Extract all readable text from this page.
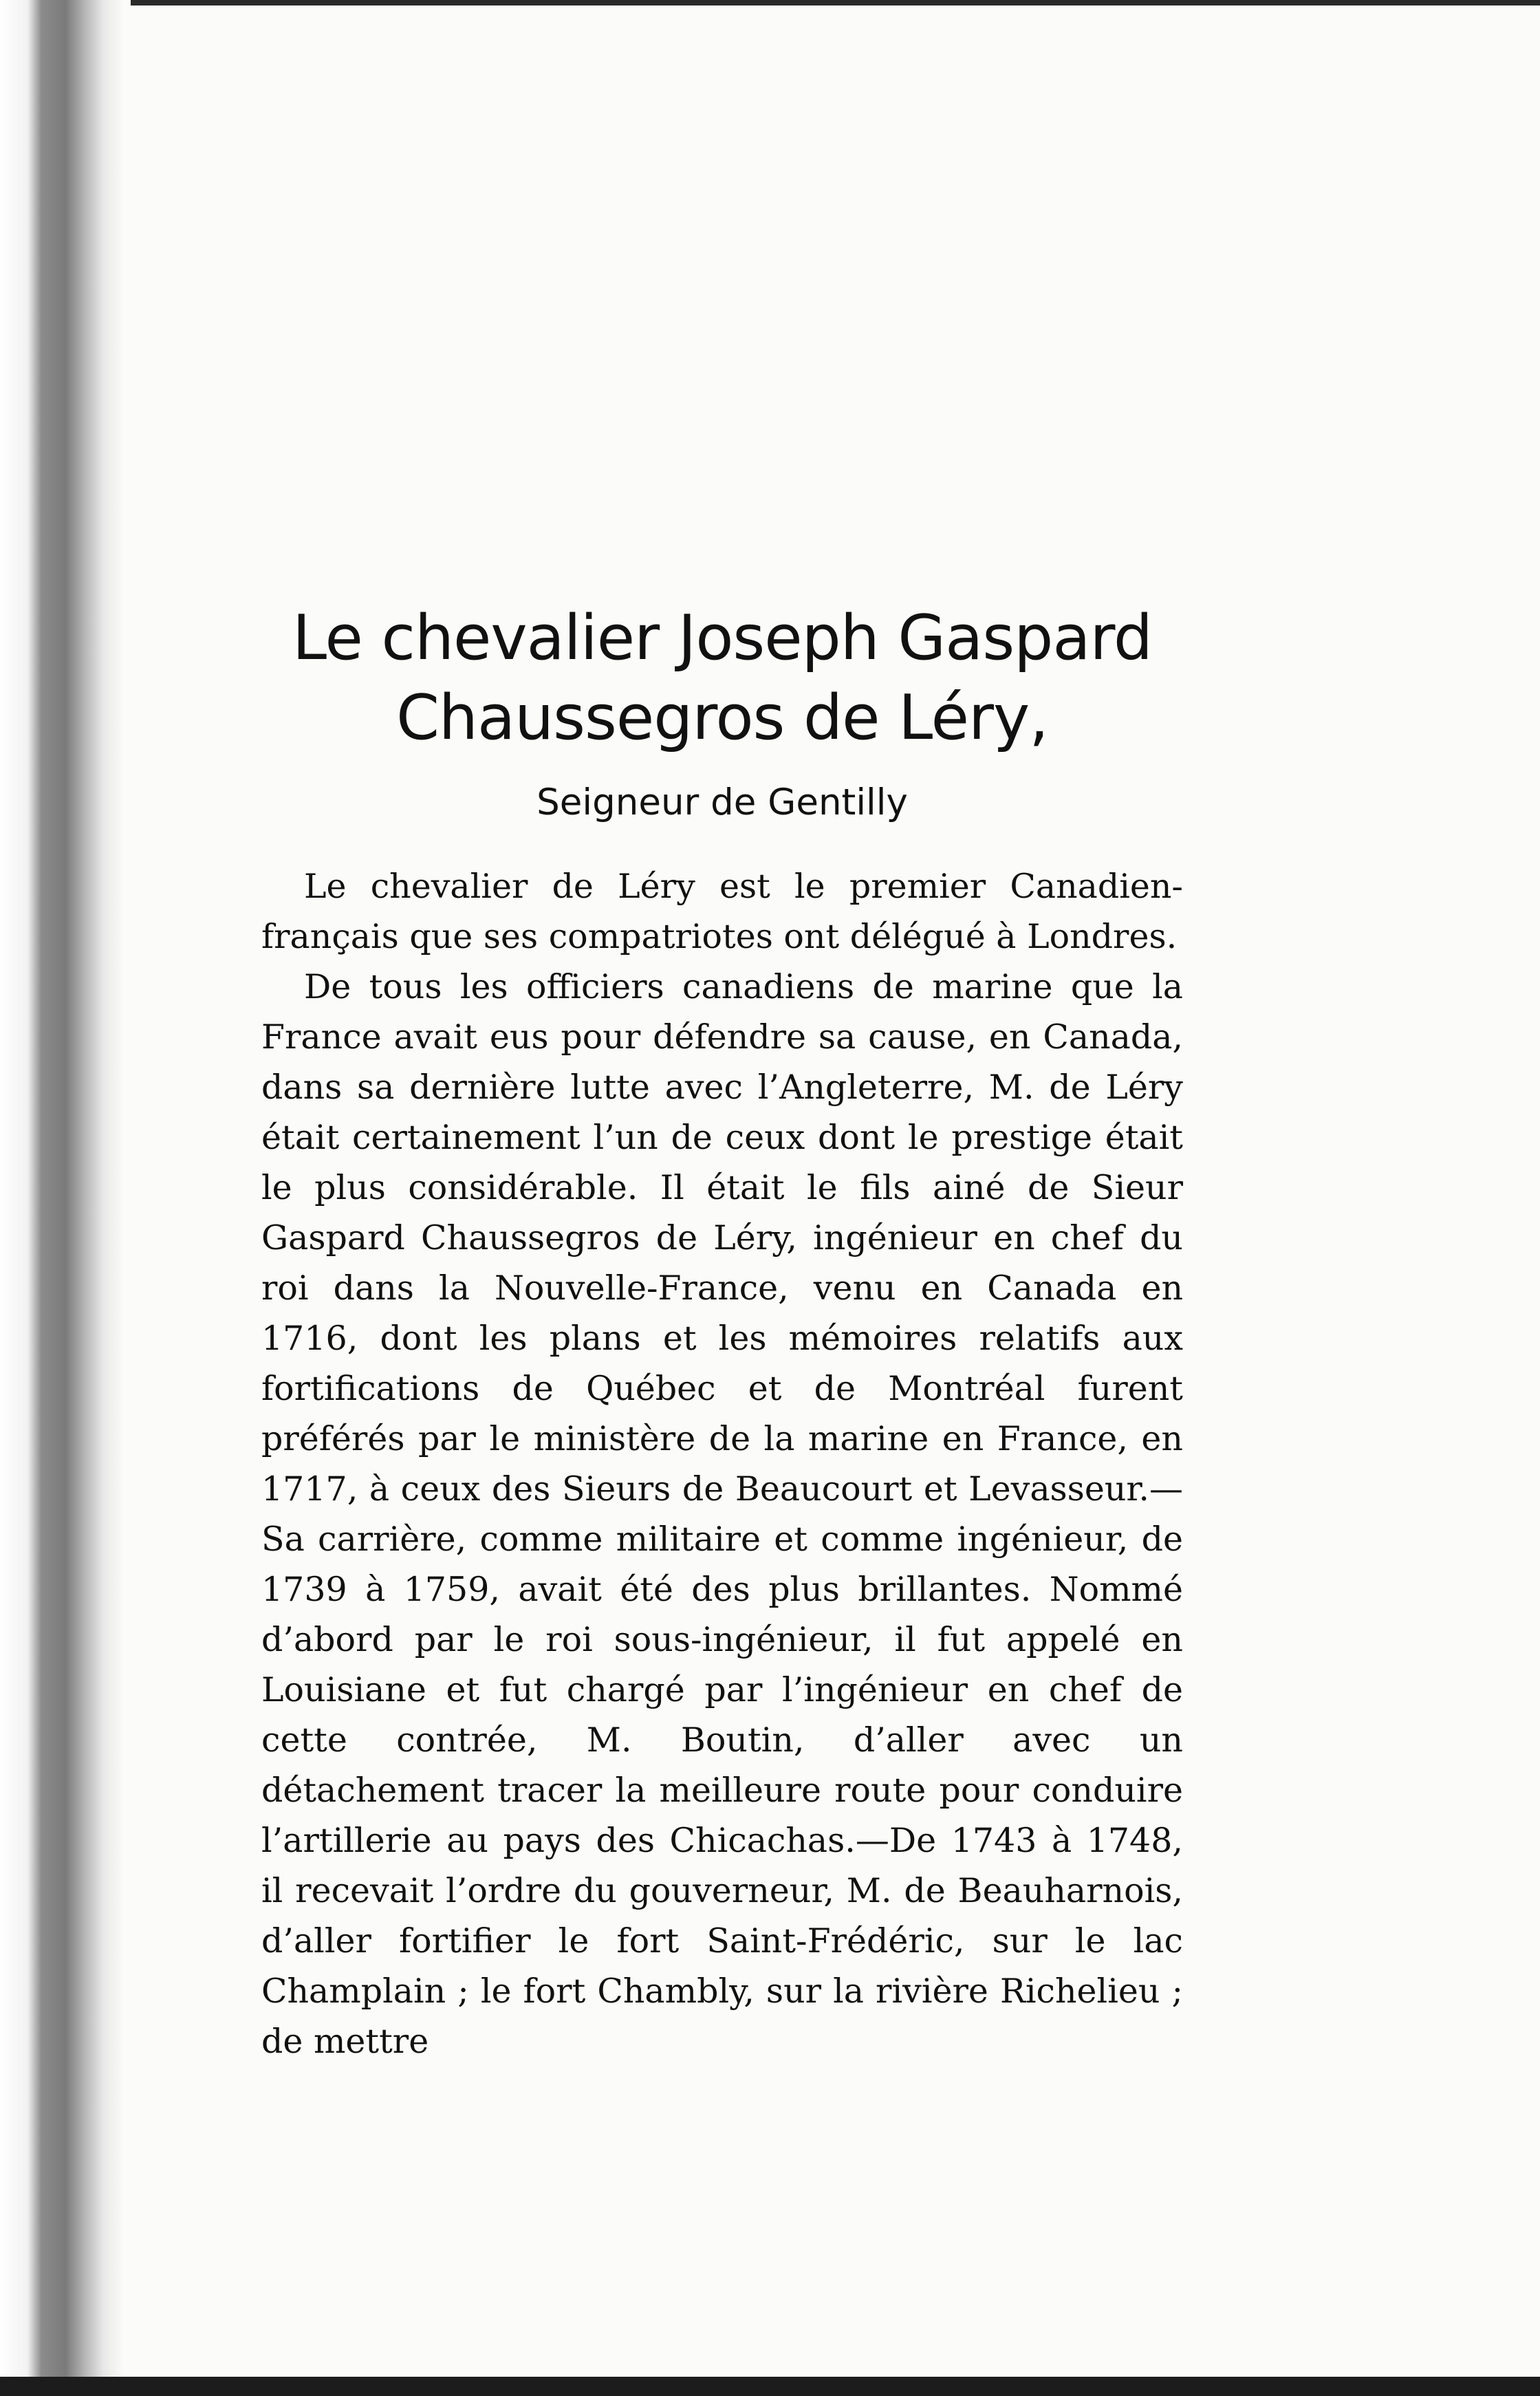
Le chevalier Joseph Gaspard
Chaussegros de Léry,
Seigneur de Gentilly

Le chevalier de Léry est le premier Canadien-français que ses compatriotes ont délégué à Londres.

De tous les officiers canadiens de marine que la France avait eus pour défendre sa cause, en Canada, dans sa dernière lutte avec l’Angleterre, M. de Léry était certainement l’un de ceux dont le prestige était le plus considérable. Il était le fils ainé de Sieur Gaspard Chaussegros de Léry, ingénieur en chef du roi dans la Nouvelle-France, venu en Canada en 1716, dont les plans et les mémoires relatifs aux fortifications de Québec et de Montréal furent préférés par le ministère de la marine en France, en 1717, à ceux des Sieurs de Beaucourt et Levasseur.—Sa carrière, comme militaire et comme ingénieur, de 1739 à 1759, avait été des plus brillantes. Nommé d’abord par le roi sous-ingénieur, il fut appelé en Louisiane et fut chargé par l’ingénieur en chef de cette contrée, M. Boutin, d’aller avec un détachement tracer la meilleure route pour conduire l’artillerie au pays des Chicachas.—De 1743 à 1748, il recevait l’ordre du gouverneur, M. de Beauharnois, d’aller fortifier le fort Saint-Frédéric, sur le lac Champlain ; le fort Chambly, sur la rivière Richelieu ; de mettre
